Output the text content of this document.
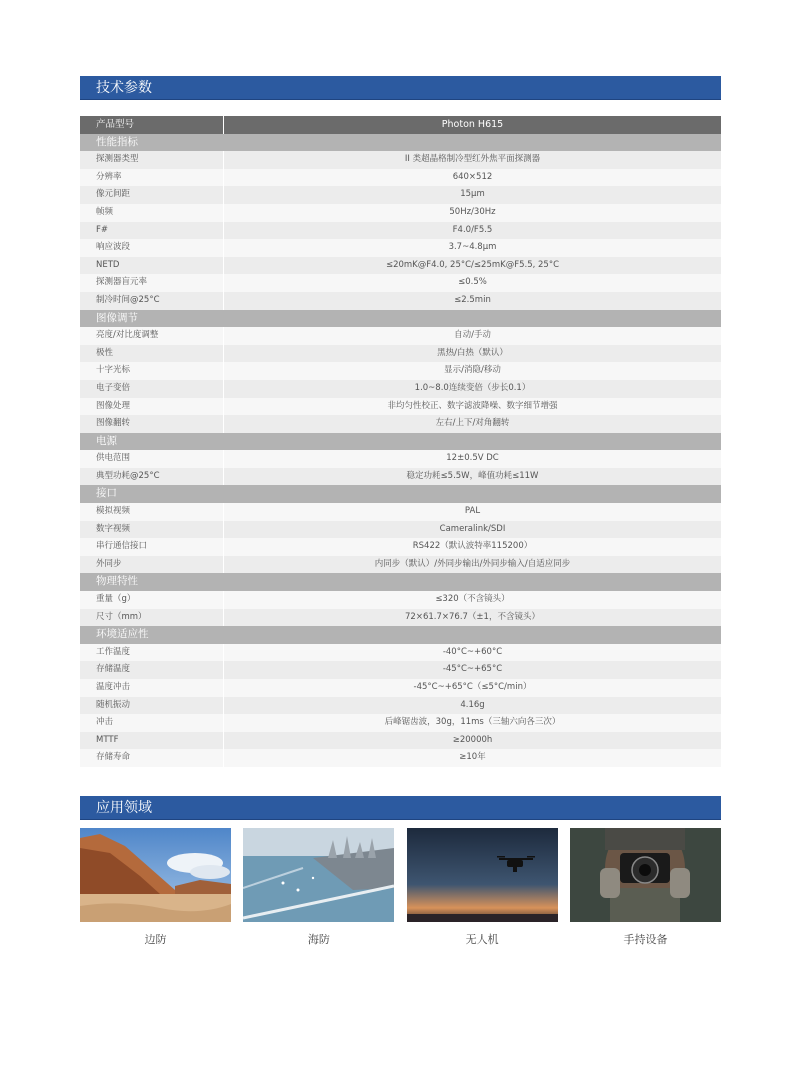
技术参数
产品型号	Photon H615
性能指标
探测器类型	II 类超晶格制冷型红外焦平面探测器
分辨率	640×512
像元间距	15μm
帧频	50Hz/30Hz
F#	F4.0/F5.5
响应波段	3.7~4.8μm
NETD	≤20mK@F4.0, 25°C/≤25mK@F5.5, 25°C
探测器盲元率	≤0.5%
制冷时间@25°C	≤2.5min
图像调节
亮度/对比度调整	自动/手动
极性	黑热/白热（默认）
十字光标	显示/消隐/移动
电子变倍	1.0~8.0连续变倍（步长0.1）
图像处理	非均匀性校正、数字滤波降噪、数字细节增强
图像翻转	左右/上下/对角翻转
电源
供电范围	12±0.5V DC
典型功耗@25°C	稳定功耗≤5.5W，峰值功耗≤11W
接口
模拟视频	PAL
数字视频	Cameralink/SDI
串行通信接口	RS422（默认波特率115200）
外同步	内同步（默认）/外同步输出/外同步输入/自适应同步
物理特性
重量（g）	≤320（不含镜头）
尺寸（mm）	72×61.7×76.7（±1，不含镜头）
环境适应性
工作温度	-40°C~+60°C
存储温度	-45°C~+65°C
温度冲击	-45°C~+65°C（≤5°C/min）
随机振动	4.16g
冲击	后峰锯齿波，30g，11ms（三轴六向各三次）
MTTF	≥20000h
存储寿命	≥10年
应用领域
边防	海防	无人机	手持设备
